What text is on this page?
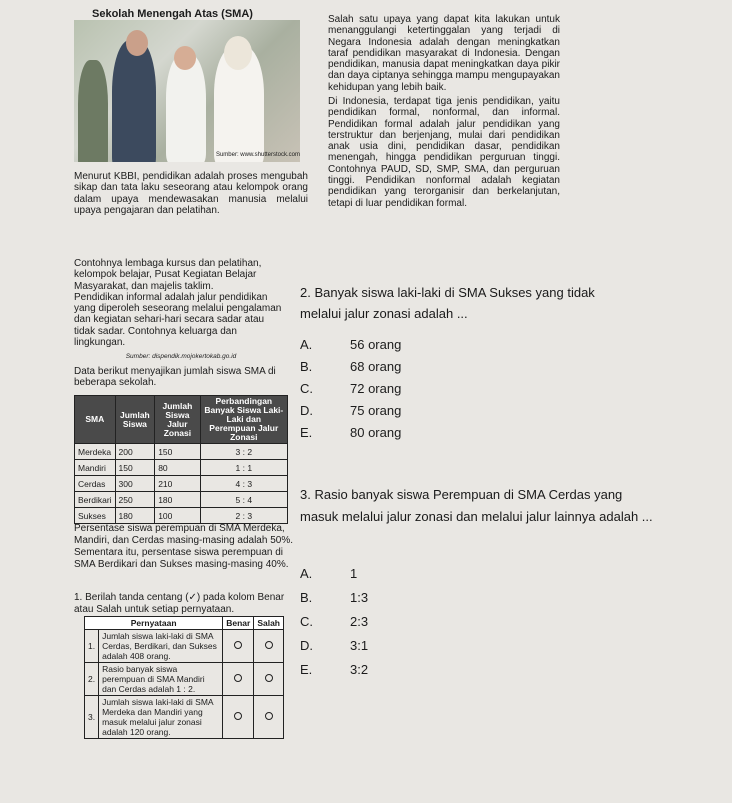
Sekolah Menengah Atas (SMA)
Sumber: www.shutterstock.com
Salah satu upaya yang dapat kita lakukan untuk menanggulangi ketertinggalan yang terjadi di Negara Indonesia adalah dengan meningkatkan taraf pendidikan masyarakat di Indonesia. Dengan pendidikan, manusia dapat meningkatkan daya pikir dan daya ciptanya sehingga mampu mengupayakan kehidupan yang lebih baik.
Menurut KBBI, pendidikan adalah proses mengubah sikap dan tata laku seseorang atau kelompok orang dalam upaya mendewasakan manusia melalui upaya pengajaran dan pelatihan.
Di Indonesia, terdapat tiga jenis pendidikan, yaitu pendidikan formal, nonformal, dan informal. Pendidikan formal adalah jalur pendidikan yang terstruktur dan berjenjang, mulai dari pendidikan anak usia dini, pendidikan dasar, pendidikan menengah, hingga pendidikan perguruan tinggi. Contohnya PAUD, SD, SMP, SMA, dan perguruan tinggi. Pendidikan nonformal adalah kegiatan pendidikan yang terorganisir dan berkelanjutan, tetapi di luar pendidikan formal.
Contohnya lembaga kursus dan pelatihan, kelompok belajar, Pusat Kegiatan Belajar Masyarakat, dan majelis taklim.
Pendidikan informal adalah jalur pendidikan yang diperoleh seseorang melalui pengalaman dan kegiatan sehari-hari secara sadar atau tidak sadar. Contohnya keluarga dan lingkungan.
Sumber: dispendik.mojokertokab.go.id
Data berikut menyajikan jumlah siswa SMA di beberapa sekolah.
SMA	Jumlah Siswa	Jumlah Siswa Jalur Zonasi	Perbandingan Banyak Siswa Laki-Laki dan Perempuan Jalur Zonasi
Merdeka	200	150	3 : 2
Mandiri	150	80	1 : 1
Cerdas	300	210	4 : 3
Berdikari	250	180	5 : 4
Sukses	180	100	2 : 3
Persentase siswa perempuan di SMA Merdeka, Mandiri, dan Cerdas masing-masing adalah 50%. Sementara itu, persentase siswa perempuan di SMA Berdikari dan Sukses masing-masing 40%.
1. Berilah tanda centang (✓) pada kolom Benar atau Salah untuk setiap pernyataan.
Pernyataan		Benar	Salah
1.	Jumlah siswa laki-laki di SMA Cerdas, Berdikari, dan Sukses adalah 408 orang.		
2.	Rasio banyak siswa perempuan di SMA Mandiri dan Cerdas adalah 1 : 2.		
3.	Jumlah siswa laki-laki di SMA Merdeka dan Mandiri yang masuk melalui jalur zonasi adalah 120 orang.		
2. Banyak siswa laki-laki di SMA Sukses yang tidak melalui jalur zonasi adalah ...
A.	56 orang
B.	68 orang
C.	72 orang
D.	75 orang
E.	80 orang
3. Rasio banyak siswa Perempuan di SMA Cerdas yang masuk melalui jalur zonasi dan melalui jalur lainnya adalah ...
A.	1
B.	1:3
C.	2:3
D.	3:1
E.	3:2
